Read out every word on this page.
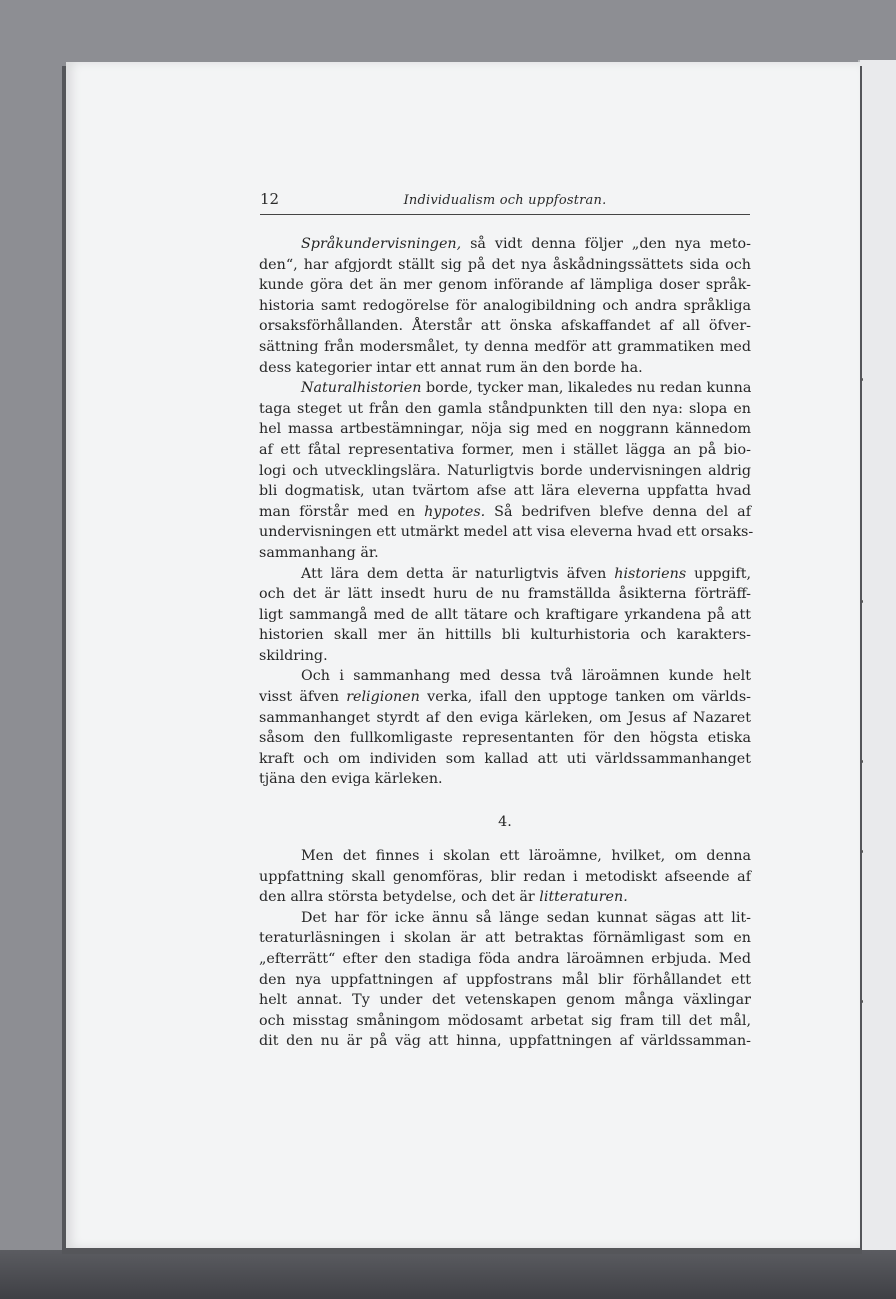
12	Individualism och uppfostran.
Språkundervisningen, så vidt denna följer „den nya meto-
den“, har afgjordt ställt sig på det nya åskådningssättets sida och
kunde göra det än mer genom införande af lämpliga doser språk-
historia samt redogörelse för analogibildning och andra språkliga
orsaksförhållanden. Återstår att önska afskaffandet af all öfver-
sättning från modersmålet, ty denna medför att grammatiken med
dess kategorier intar ett annat rum än den borde ha.
Naturalhistorien borde, tycker man, likaledes nu redan kunna
taga steget ut från den gamla ståndpunkten till den nya: slopa en
hel massa artbestämningar, nöja sig med en noggrann kännedom
af ett fåtal representativa former, men i stället lägga an på bio-
logi och utvecklingslära. Naturligtvis borde undervisningen aldrig
bli dogmatisk, utan tvärtom afse att lära eleverna uppfatta hvad
man förstår med en hypotes. Så bedrifven blefve denna del af
undervisningen ett utmärkt medel att visa eleverna hvad ett orsaks-
sammanhang är.
Att lära dem detta är naturligtvis äfven historiens uppgift,
och det är lätt insedt huru de nu framställda åsikterna förträff-
ligt sammangå med de allt tätare och kraftigare yrkandena på att
historien skall mer än hittills bli kulturhistoria och karakters-
skildring.
Och i sammanhang med dessa två läroämnen kunde helt
visst äfven religionen verka, ifall den upptoge tanken om världs-
sammanhanget styrdt af den eviga kärleken, om Jesus af Nazaret
såsom den fullkomligaste representanten för den högsta etiska
kraft och om individen som kallad att uti världssammanhanget
tjäna den eviga kärleken.
4.
Men det finnes i skolan ett läroämne, hvilket, om denna
uppfattning skall genomföras, blir redan i metodiskt afseende af
den allra största betydelse, och det är litteraturen.
Det har för icke ännu så länge sedan kunnat sägas att lit-
teraturläsningen i skolan är att betraktas förnämligast som en
„efterrätt“ efter den stadiga föda andra läroämnen erbjuda. Med
den nya uppfattningen af uppfostrans mål blir förhållandet ett
helt annat. Ty under det vetenskapen genom många växlingar
och misstag småningom mödosamt arbetat sig fram till det mål,
dit den nu är på väg att hinna, uppfattningen af världssamman-
